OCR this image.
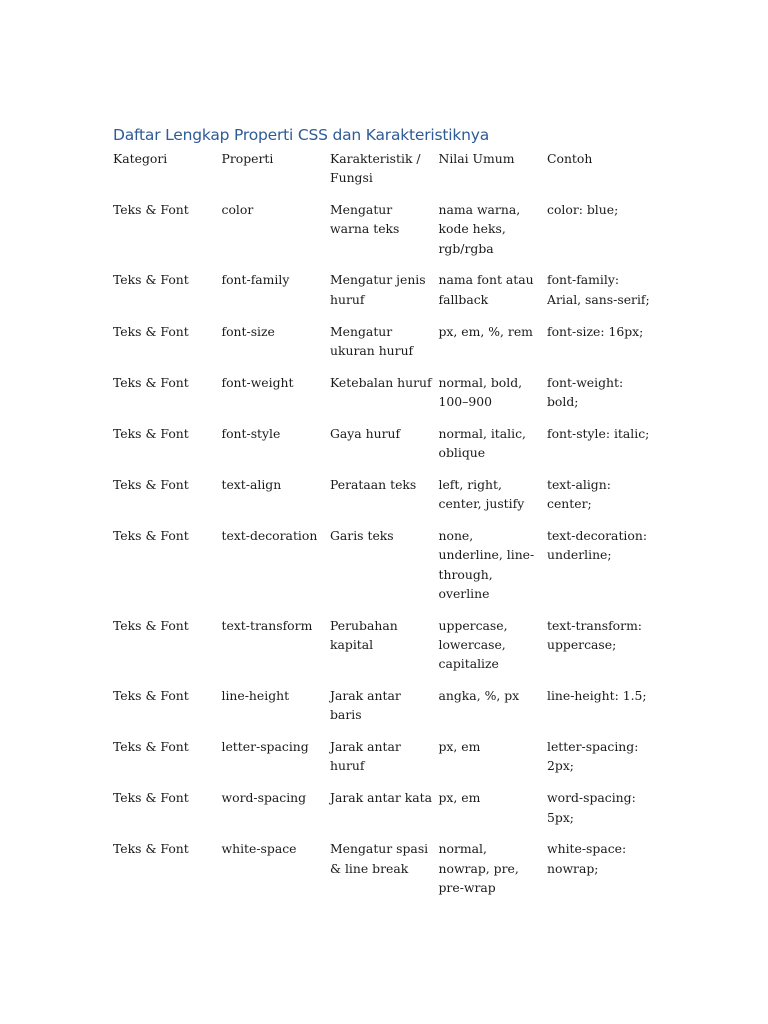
Daftar Lengkap Properti CSS dan Karakteristiknya
Kategori	Properti	Karakteristik / Fungsi	Nilai Umum	Contoh
Teks & Font	color	Mengatur warna teks	nama warna, kode heks, rgb/rgba	color: blue;
Teks & Font	font-family	Mengatur jenis huruf	nama font atau fallback	font-family: Arial, sans-serif;
Teks & Font	font-size	Mengatur ukuran huruf	px, em, %, rem	font-size: 16px;
Teks & Font	font-weight	Ketebalan huruf	normal, bold, 100–900	font-weight: bold;
Teks & Font	font-style	Gaya huruf	normal, italic, oblique	font-style: italic;
Teks & Font	text-align	Perataan teks	left, right, center, justify	text-align: center;
Teks & Font	text-decoration	Garis teks	none, underline, line-through, overline	text-decoration: underline;
Teks & Font	text-transform	Perubahan kapital	uppercase, lowercase, capitalize	text-transform: uppercase;
Teks & Font	line-height	Jarak antar baris	angka, %, px	line-height: 1.5;
Teks & Font	letter-spacing	Jarak antar huruf	px, em	letter-spacing: 2px;
Teks & Font	word-spacing	Jarak antar kata	px, em	word-spacing: 5px;
Teks & Font	white-space	Mengatur spasi & line break	normal, nowrap, pre, pre-wrap	white-space: nowrap;
